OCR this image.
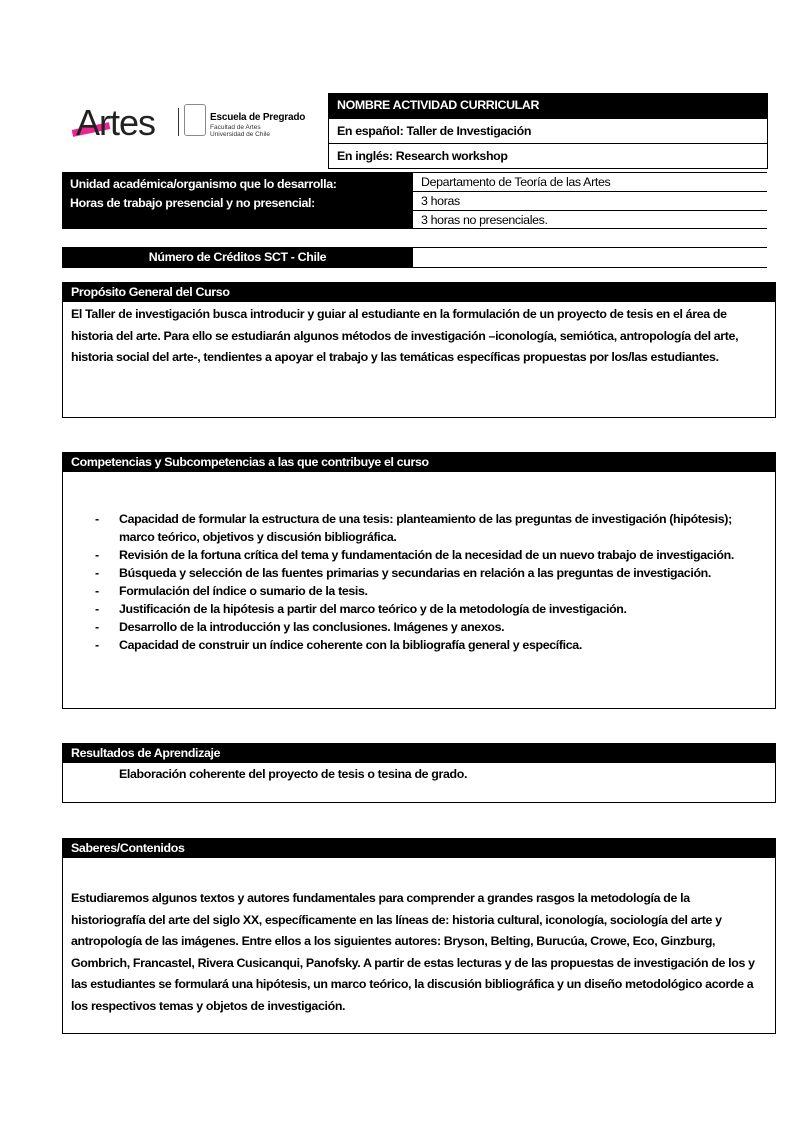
Artes	Escuela de Pregrado
Facultad de Artes
Universidad de Chile
NOMBRE ACTIVIDAD CURRICULAR
En español: Taller de Investigación
En inglés: Research workshop
Unidad académica/organismo que lo desarrolla:
Horas de trabajo presencial y no presencial:
Departamento de Teoría de las Artes
3 horas
3 horas no presenciales.
Número de Créditos SCT - Chile
Propósito General del Curso

El Taller de investigación busca introducir y guiar al estudiante en la formulación de un proyecto de tesis en el área de historia del arte. Para ello se estudiarán algunos métodos de investigación –iconología, semiótica, antropología del arte, historia social del arte-, tendientes a apoyar el trabajo y las temáticas específicas propuestas por los/las estudiantes.

Competencias y Subcompetencias a las que contribuye el curso
- Capacidad de formular la estructura de una tesis: planteamiento de las preguntas de investigación (hipótesis); marco teórico, objetivos y discusión bibliográfica.
- Revisión de la fortuna crítica del tema y fundamentación de la necesidad de un nuevo trabajo de investigación.
- Búsqueda y selección de las fuentes primarias y secundarias en relación a las preguntas de investigación.
- Formulación del índice o sumario de la tesis.
- Justificación de la hipótesis a partir del marco teórico y de la metodología de investigación.
- Desarrollo de la introducción y las conclusiones. Imágenes y anexos.
- Capacidad de construir un índice coherente con la bibliografía general y específica.
Resultados de Aprendizaje

Elaboración coherente del proyecto de tesis o tesina de grado.

Saberes/Contenidos

Estudiaremos algunos textos y autores fundamentales para comprender a grandes rasgos la metodología de la historiografía del arte del siglo XX, específicamente en las líneas de: historia cultural, iconología, sociología del arte y antropología de las imágenes. Entre ellos a los siguientes autores: Bryson, Belting, Burucúa, Crowe, Eco, Ginzburg, Gombrich, Francastel, Rivera Cusicanqui, Panofsky. A partir de estas lecturas y de las propuestas de investigación de los y las estudiantes se formulará una hipótesis, un marco teórico, la discusión bibliográfica y un diseño metodológico acorde a los respectivos temas y objetos de investigación.
